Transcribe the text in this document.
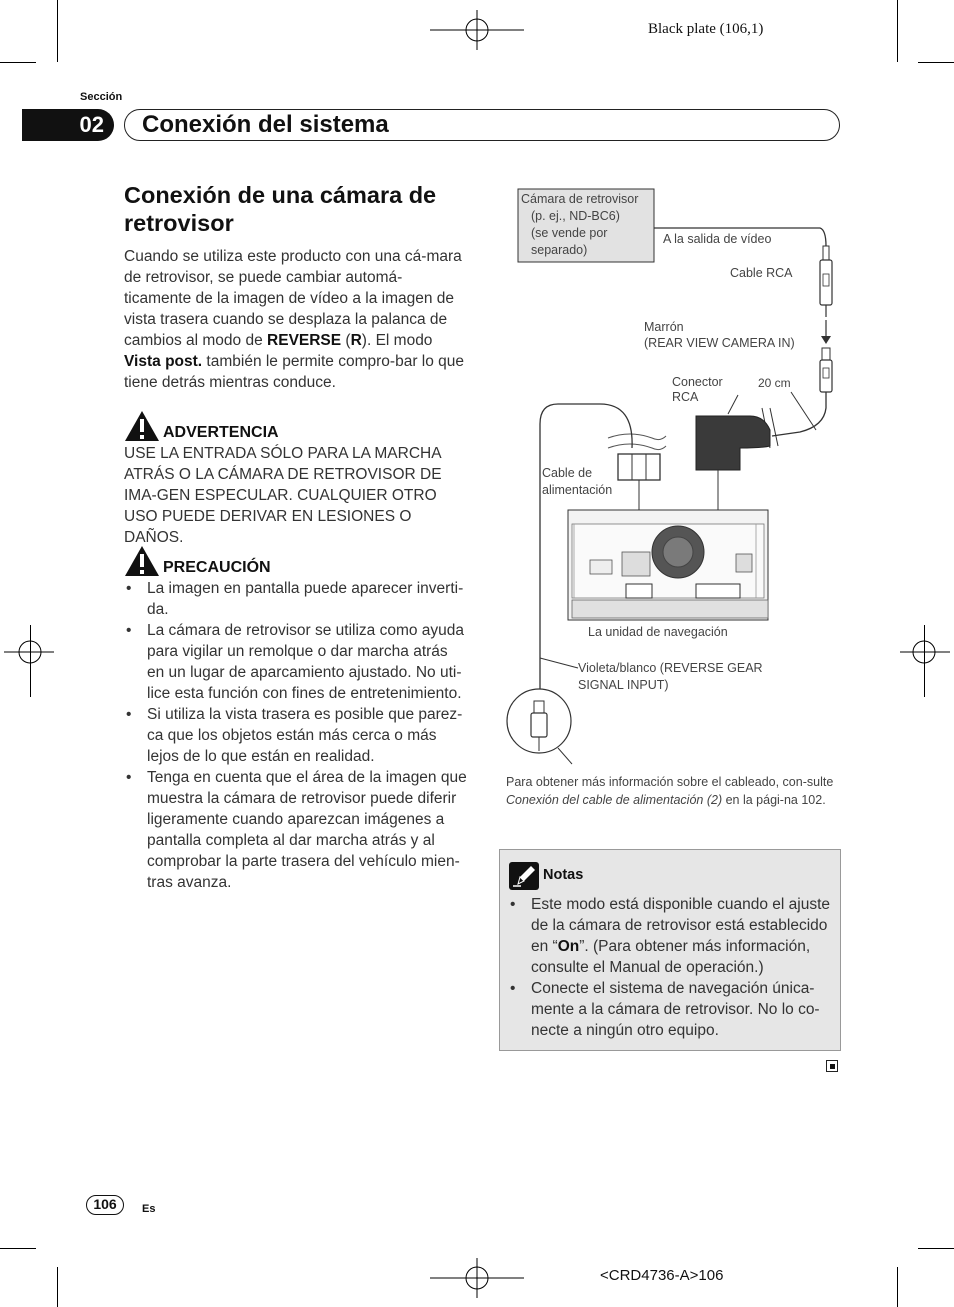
Black plate (106,1)
Sección
02	Conexión del sistema
Conexión de una cámara de retrovisor
Cuando se utiliza este producto con una cá-mara de retrovisor, se puede cambiar automá-ticamente de la imagen de vídeo a la imagen de vista trasera cuando se desplaza la palanca de cambios al modo de REVERSE (R). El modo Vista post. también le permite compro-bar lo que tiene detrás mientras conduce.
ADVERTENCIA
USE LA ENTRADA SÓLO PARA LA MARCHA ATRÁS O LA CÁMARA DE RETROVISOR DE IMA-GEN ESPECULAR. CUALQUIER OTRO USO PUEDE DERIVAR EN LESIONES O DAÑOS.
PRECAUCIÓN
• La imagen en pantalla puede aparecer inverti-da.
• La cámara de retrovisor se utiliza como ayuda para vigilar un remolque o dar marcha atrás en un lugar de aparcamiento ajustado. No uti-lice esta función con fines de entretenimiento.
• Si utiliza la vista trasera es posible que parez-ca que los objetos están más cerca o más lejos de lo que están en realidad.
• Tenga en cuenta que el área de la imagen que muestra la cámara de retrovisor puede diferir ligeramente cuando aparezcan imágenes a pantalla completa al dar marcha atrás y al comprobar la parte trasera del vehículo mien-tras avanza.
Cámara de retrovisor
(p. ej., ND-BC6)
(se vende por
separado)
A la salida de vídeo
Cable RCA
Marrón
(REAR VIEW CAMERA IN)
Conector
RCA
20 cm
Cable de
alimentación
La unidad de navegación
Violeta/blanco (REVERSE GEAR
SIGNAL INPUT)
Para obtener más información sobre el cableado, con-sulte Conexión del cable de alimentación (2) en la pági-na 102.
Notas
• Este modo está disponible cuando el ajuste de la cámara de retrovisor está establecido en “On”. (Para obtener más información, consulte el Manual de operación.)
• Conecte el sistema de navegación única-mente a la cámara de retrovisor. No lo co-necte a ningún otro equipo.
106	Es
<CRD4736-A>106
